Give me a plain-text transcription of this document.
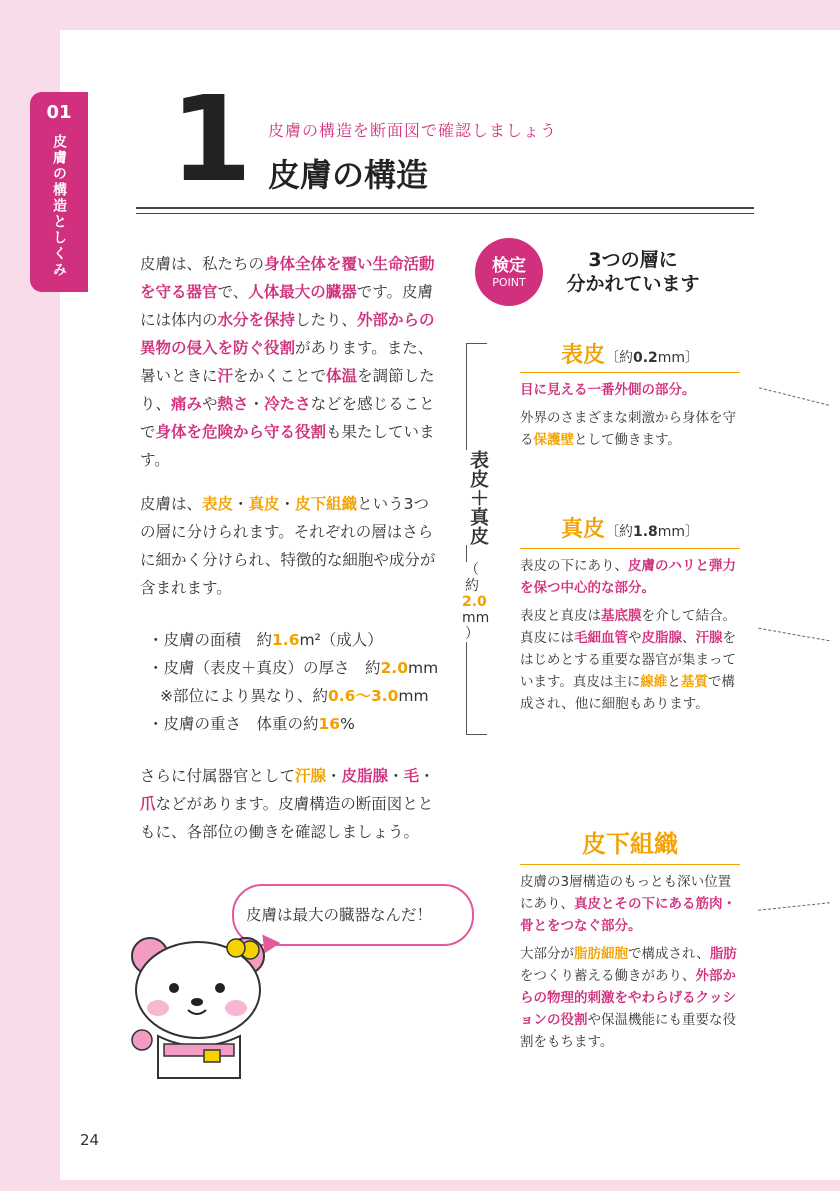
01
皮膚の構造としくみ 1 皮膚の構造を断面図で確認しましょう
皮膚の構造
皮膚は、私たちの身体全体を覆い生命活動を守る器官で、人体最大の臓器です。皮膚には体内の水分を保持したり、外部からの異物の侵入を防ぐ役割があります。また、暑いときに汗をかくことで体温を調節したり、痛みや熱さ・冷たさなどを感じることで身体を危険から守る役割も果たしています。
皮膚は、表皮・真皮・皮下組織という3つの層に分けられます。それぞれの層はさらに細かく分けられ、特徴的な細胞や成分が含まれます。
・皮膚の面積　約1.6m²（成人）
・皮膚（表皮＋真皮）の厚さ　約2.0mm
※部位により異なり、約0.6〜3.0mm
・皮膚の重さ　体重の約16%
さらに付属器官として汗腺・皮脂腺・毛・爪などがあります。皮膚構造の断面図とともに、各部位の働きを確認しましょう。
皮膚は最大の臓器なんだ！
検定
POINT
3つの層に
分かれています
表皮＋真皮
（
約
2.0
mm
）
表皮〔約0.2mm〕
目に見える一番外側の部分。
外界のさまざまな刺激から身体を守る保護壁として働きます。
真皮〔約1.8mm〕
表皮の下にあり、皮膚のハリと弾力を保つ中心的な部分。
表皮と真皮は基底膜を介して結合。真皮には毛細血管や皮脂腺、汗腺をはじめとする重要な器官が集まっています。真皮は主に線維と基質で構成され、他に細胞もあります。
皮下組織
皮膚の3層構造のもっとも深い位置にあり、真皮とその下にある筋肉・骨とをつなぐ部分。
大部分が脂肪細胞で構成され、脂肪をつくり蓄える働きがあり、外部からの物理的刺激をやわらげるクッションの役割や保温機能にも重要な役割をもちます。
24
